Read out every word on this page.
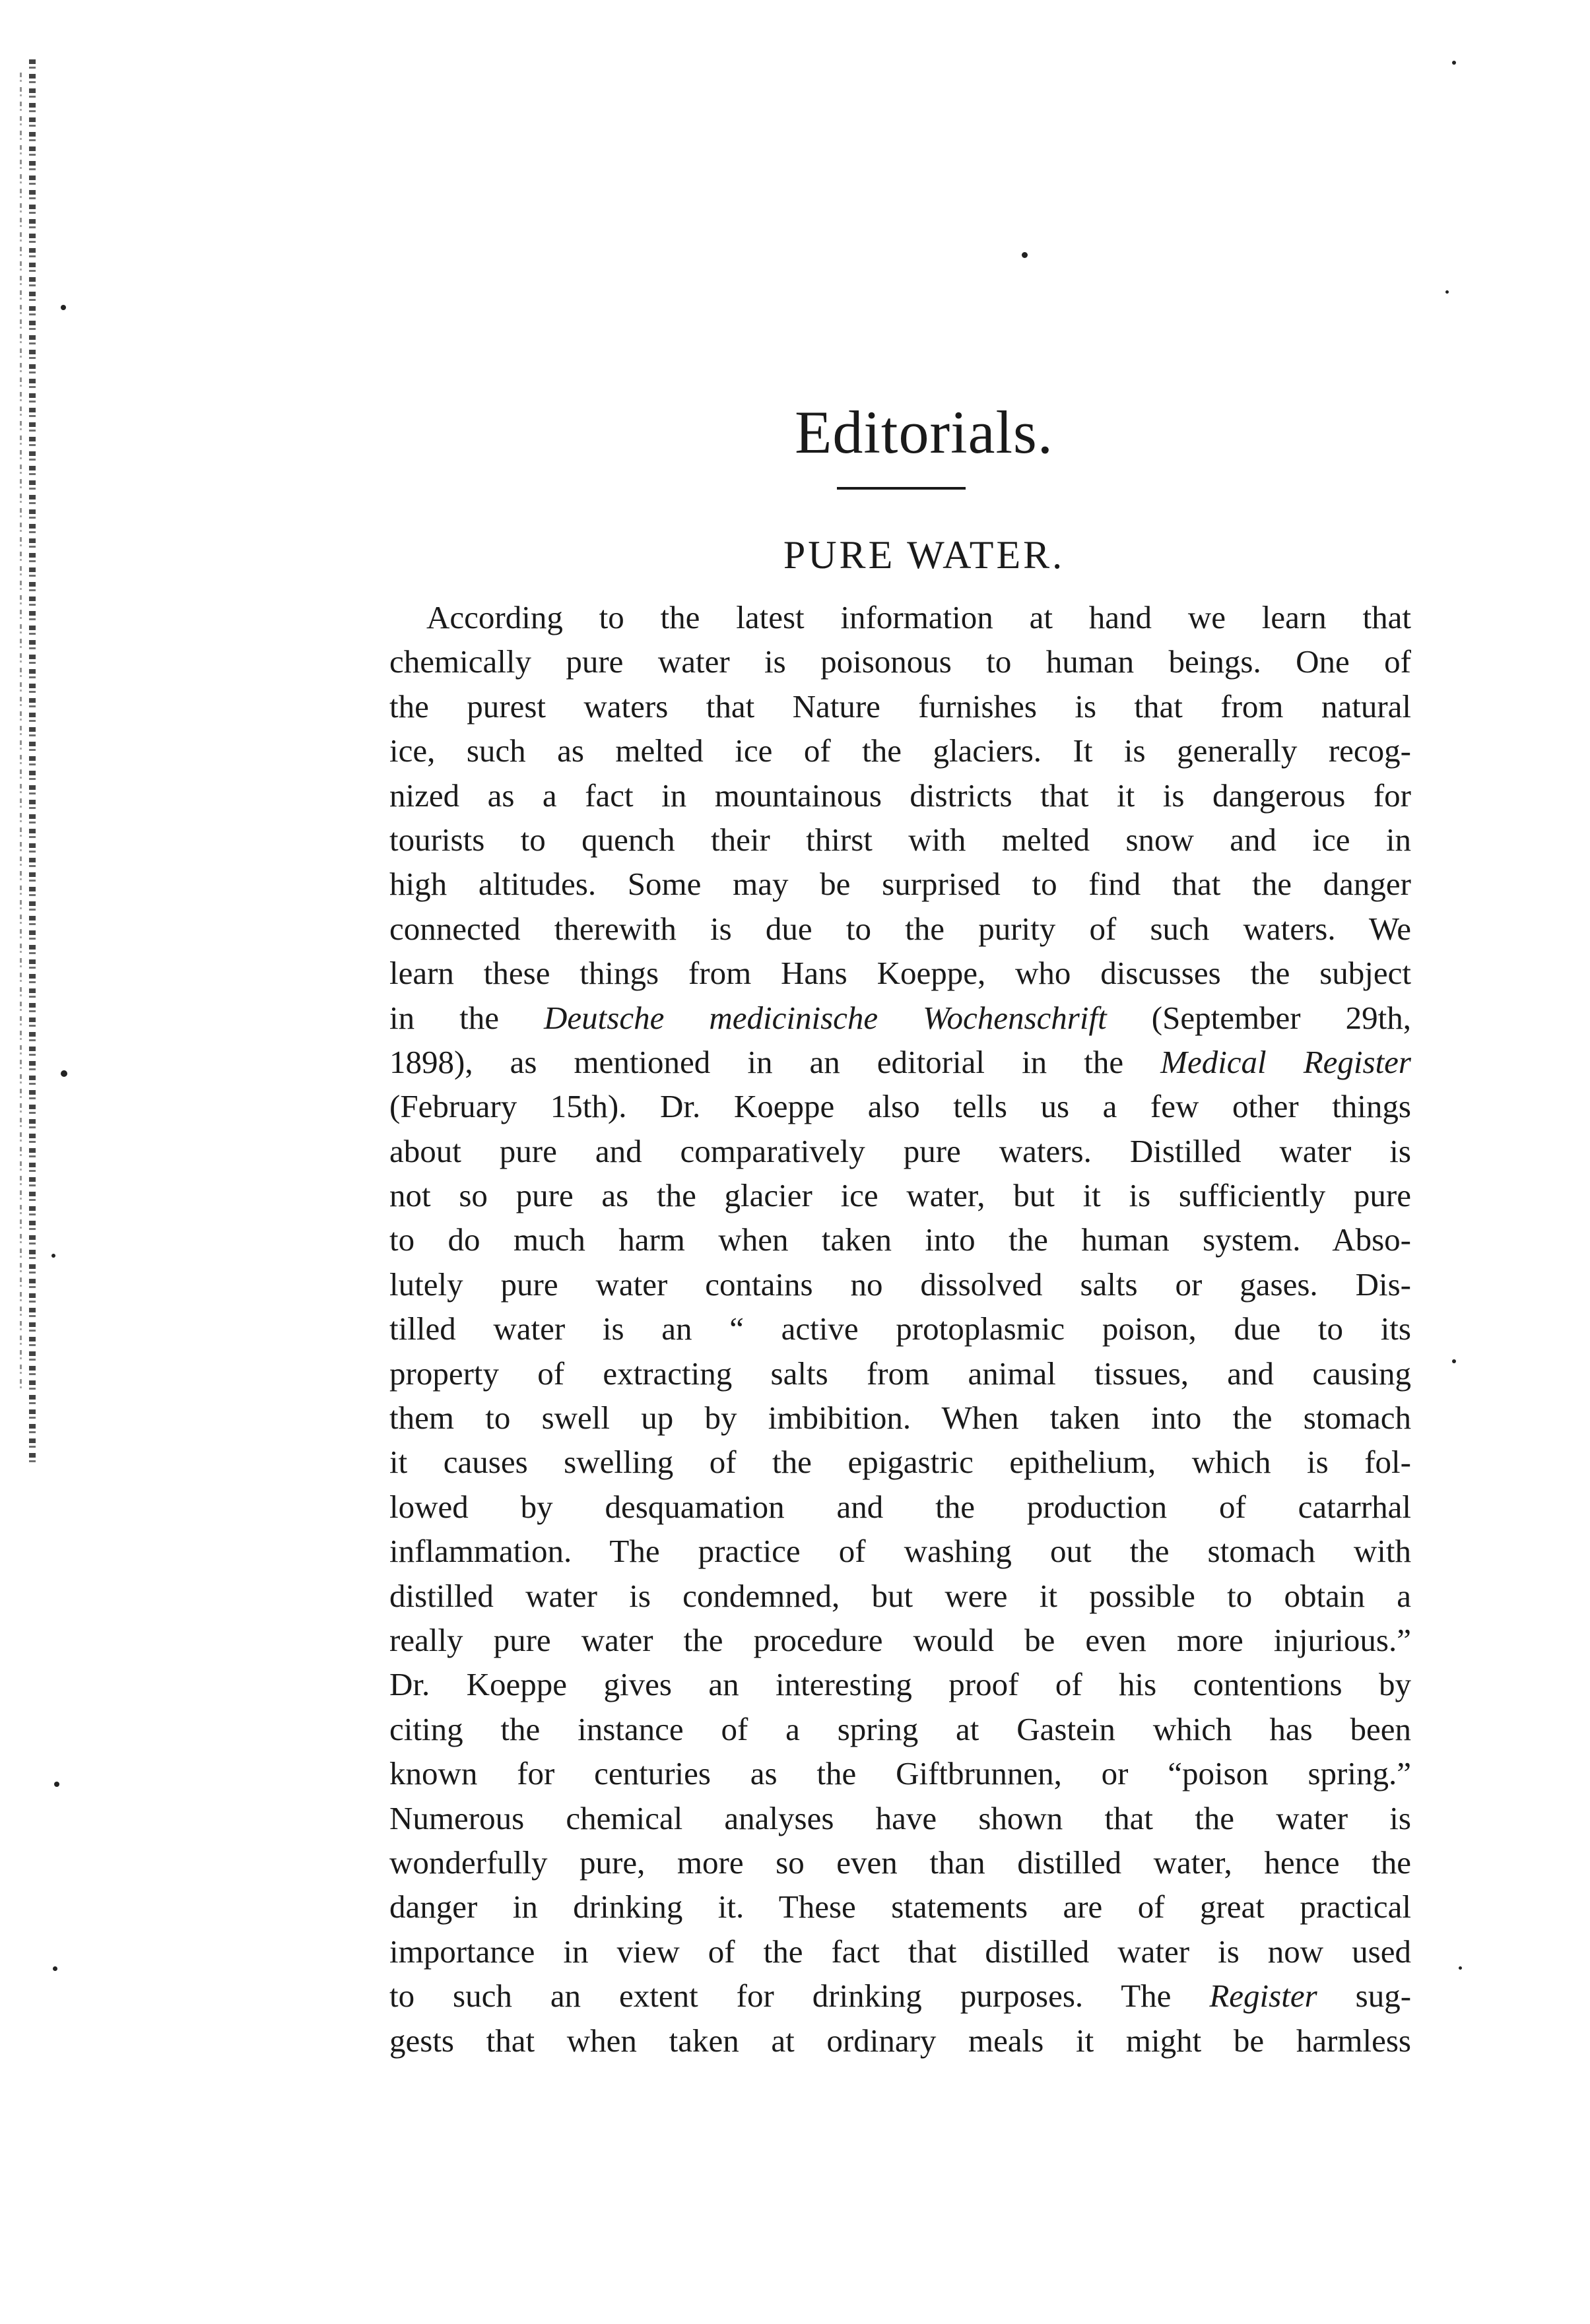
Editorials.
PURE WATER.
According to the latest information at hand we learn that
chemically pure water is poisonous to human beings. One of
the purest waters that Nature furnishes is that from natural
ice, such as melted ice of the glaciers. It is generally recog-
nized as a fact in mountainous districts that it is dangerous for
tourists to quench their thirst with melted snow and ice in
high altitudes. Some may be surprised to find that the danger
connected therewith is due to the purity of such waters. We
learn these things from Hans Koeppe, who discusses the subject
in the Deutsche medicinische Wochenschrift (September 29th,
1898), as mentioned in an editorial in the Medical Register
(February 15th). Dr. Koeppe also tells us a few other things
about pure and comparatively pure waters. Distilled water is
not so pure as the glacier ice water, but it is sufficiently pure
to do much harm when taken into the human system. Abso-
lutely pure water contains no dissolved salts or gases. Dis-
tilled water is an “ active protoplasmic poison, due to its
property of extracting salts from animal tissues, and causing
them to swell up by imbibition. When taken into the stomach
it causes swelling of the epigastric epithelium, which is fol-
lowed by desquamation and the production of catarrhal
inflammation. The practice of washing out the stomach with
distilled water is condemned, but were it possible to obtain a
really pure water the procedure would be even more injurious.”
Dr. Koeppe gives an interesting proof of his contentions by
citing the instance of a spring at Gastein which has been
known for centuries as the Giftbrunnen, or “poison spring.”
Numerous chemical analyses have shown that the water is
wonderfully pure, more so even than distilled water, hence the
danger in drinking it. These statements are of great practical
importance in view of the fact that distilled water is now used
to such an extent for drinking purposes. The Register sug-
gests that when taken at ordinary meals it might be harmless
